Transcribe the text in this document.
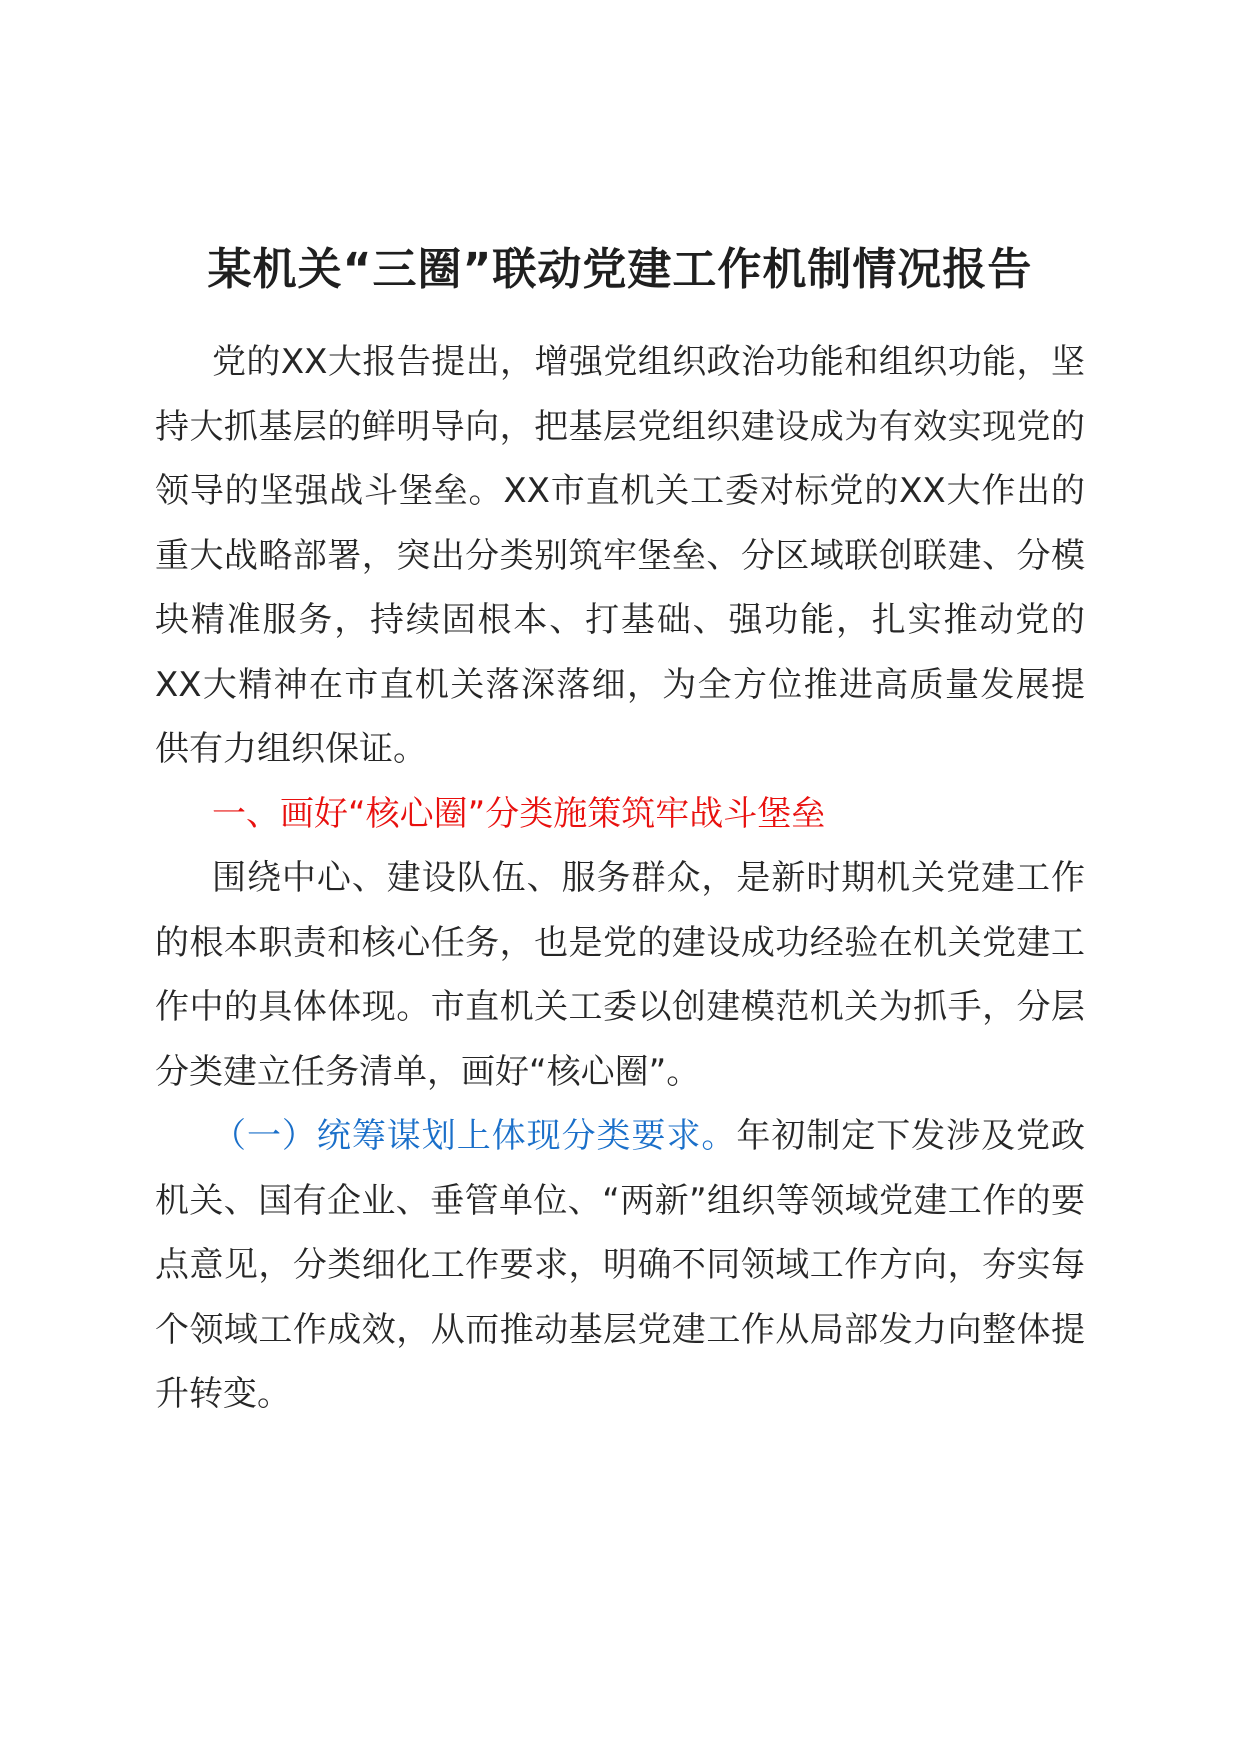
某机关“三圈”联动党建工作机制情况报告

党的XX大报告提出，增强党组织政治功能和组织功能，坚持大抓基层的鲜明导向，把基层党组织建设成为有效实现党的领导的坚强战斗堡垒。XX市直机关工委对标党的XX大作出的重大战略部署，突出分类别筑牢堡垒、分区域联创联建、分模块精准服务，持续固根本、打基础、强功能，扎实推动党的XX大精神在市直机关落深落细，为全方位推进高质量发展提供有力组织保证。

一、画好“核心圈”分类施策筑牢战斗堡垒

围绕中心、建设队伍、服务群众，是新时期机关党建工作的根本职责和核心任务，也是党的建设成功经验在机关党建工作中的具体体现。市直机关工委以创建模范机关为抓手，分层分类建立任务清单，画好“核心圈”。

（一）统筹谋划上体现分类要求。年初制定下发涉及党政机关、国有企业、垂管单位、“两新”组织等领域党建工作的要点意见，分类细化工作要求，明确不同领域工作方向，夯实每个领域工作成效，从而推动基层党建工作从局部发力向整体提升转变。
